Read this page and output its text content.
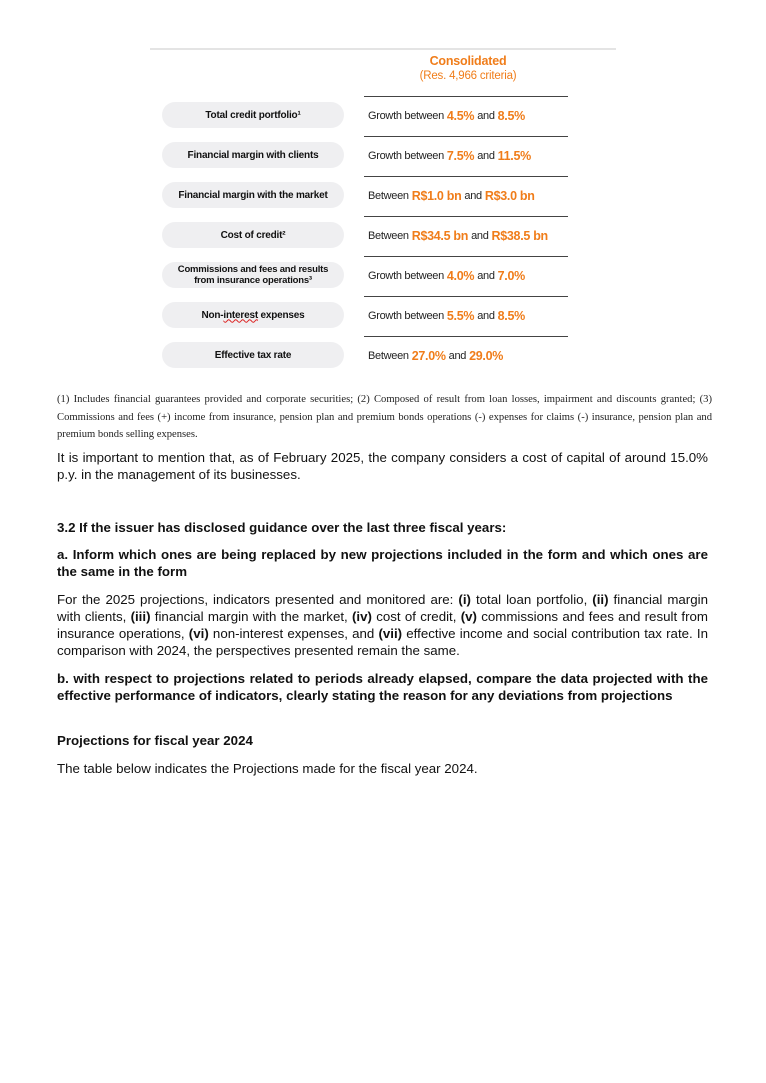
Consolidated
(Res. 4,966 criteria)
Total credit portfolio¹	Growth between 4.5% and 8.5%
Financial margin with clients	Growth between 7.5% and 11.5%
Financial margin with the market	Between R$1.0 bn and R$3.0 bn
Cost of credit²	Between R$34.5 bn and R$38.5 bn
Commissions and fees and results
from insurance operations³	Growth between 4.0% and 7.0%
Non-interest expenses	Growth between 5.5% and 8.5%
Effective tax rate	Between 27.0% and 29.0%
(1) Includes financial guarantees provided and corporate securities; (2) Composed of result from loan losses, impairment and discounts granted; (3) Commissions and fees (+) income from insurance, pension plan and premium bonds operations (-) expenses for claims (-) insurance, pension plan and premium bonds selling expenses.
It is important to mention that, as of February 2025, the company considers a cost of capital of around 15.0% p.y. in the management of its businesses.
3.2 If the issuer has disclosed guidance over the last three fiscal years:
a. Inform which ones are being replaced by new projections included in the form and which ones are the same in the form
For the 2025 projections, indicators presented and monitored are: (i) total loan portfolio, (ii) financial margin with clients, (iii) financial margin with the market, (iv) cost of credit, (v) commissions and fees and result from insurance operations, (vi) non-interest expenses, and (vii) effective income and social contribution tax rate. In comparison with 2024, the perspectives presented remain the same.
b. with respect to projections related to periods already elapsed, compare the data projected with the effective performance of indicators, clearly stating the reason for any deviations from projections
Projections for fiscal year 2024
The table below indicates the Projections made for the fiscal year 2024.
